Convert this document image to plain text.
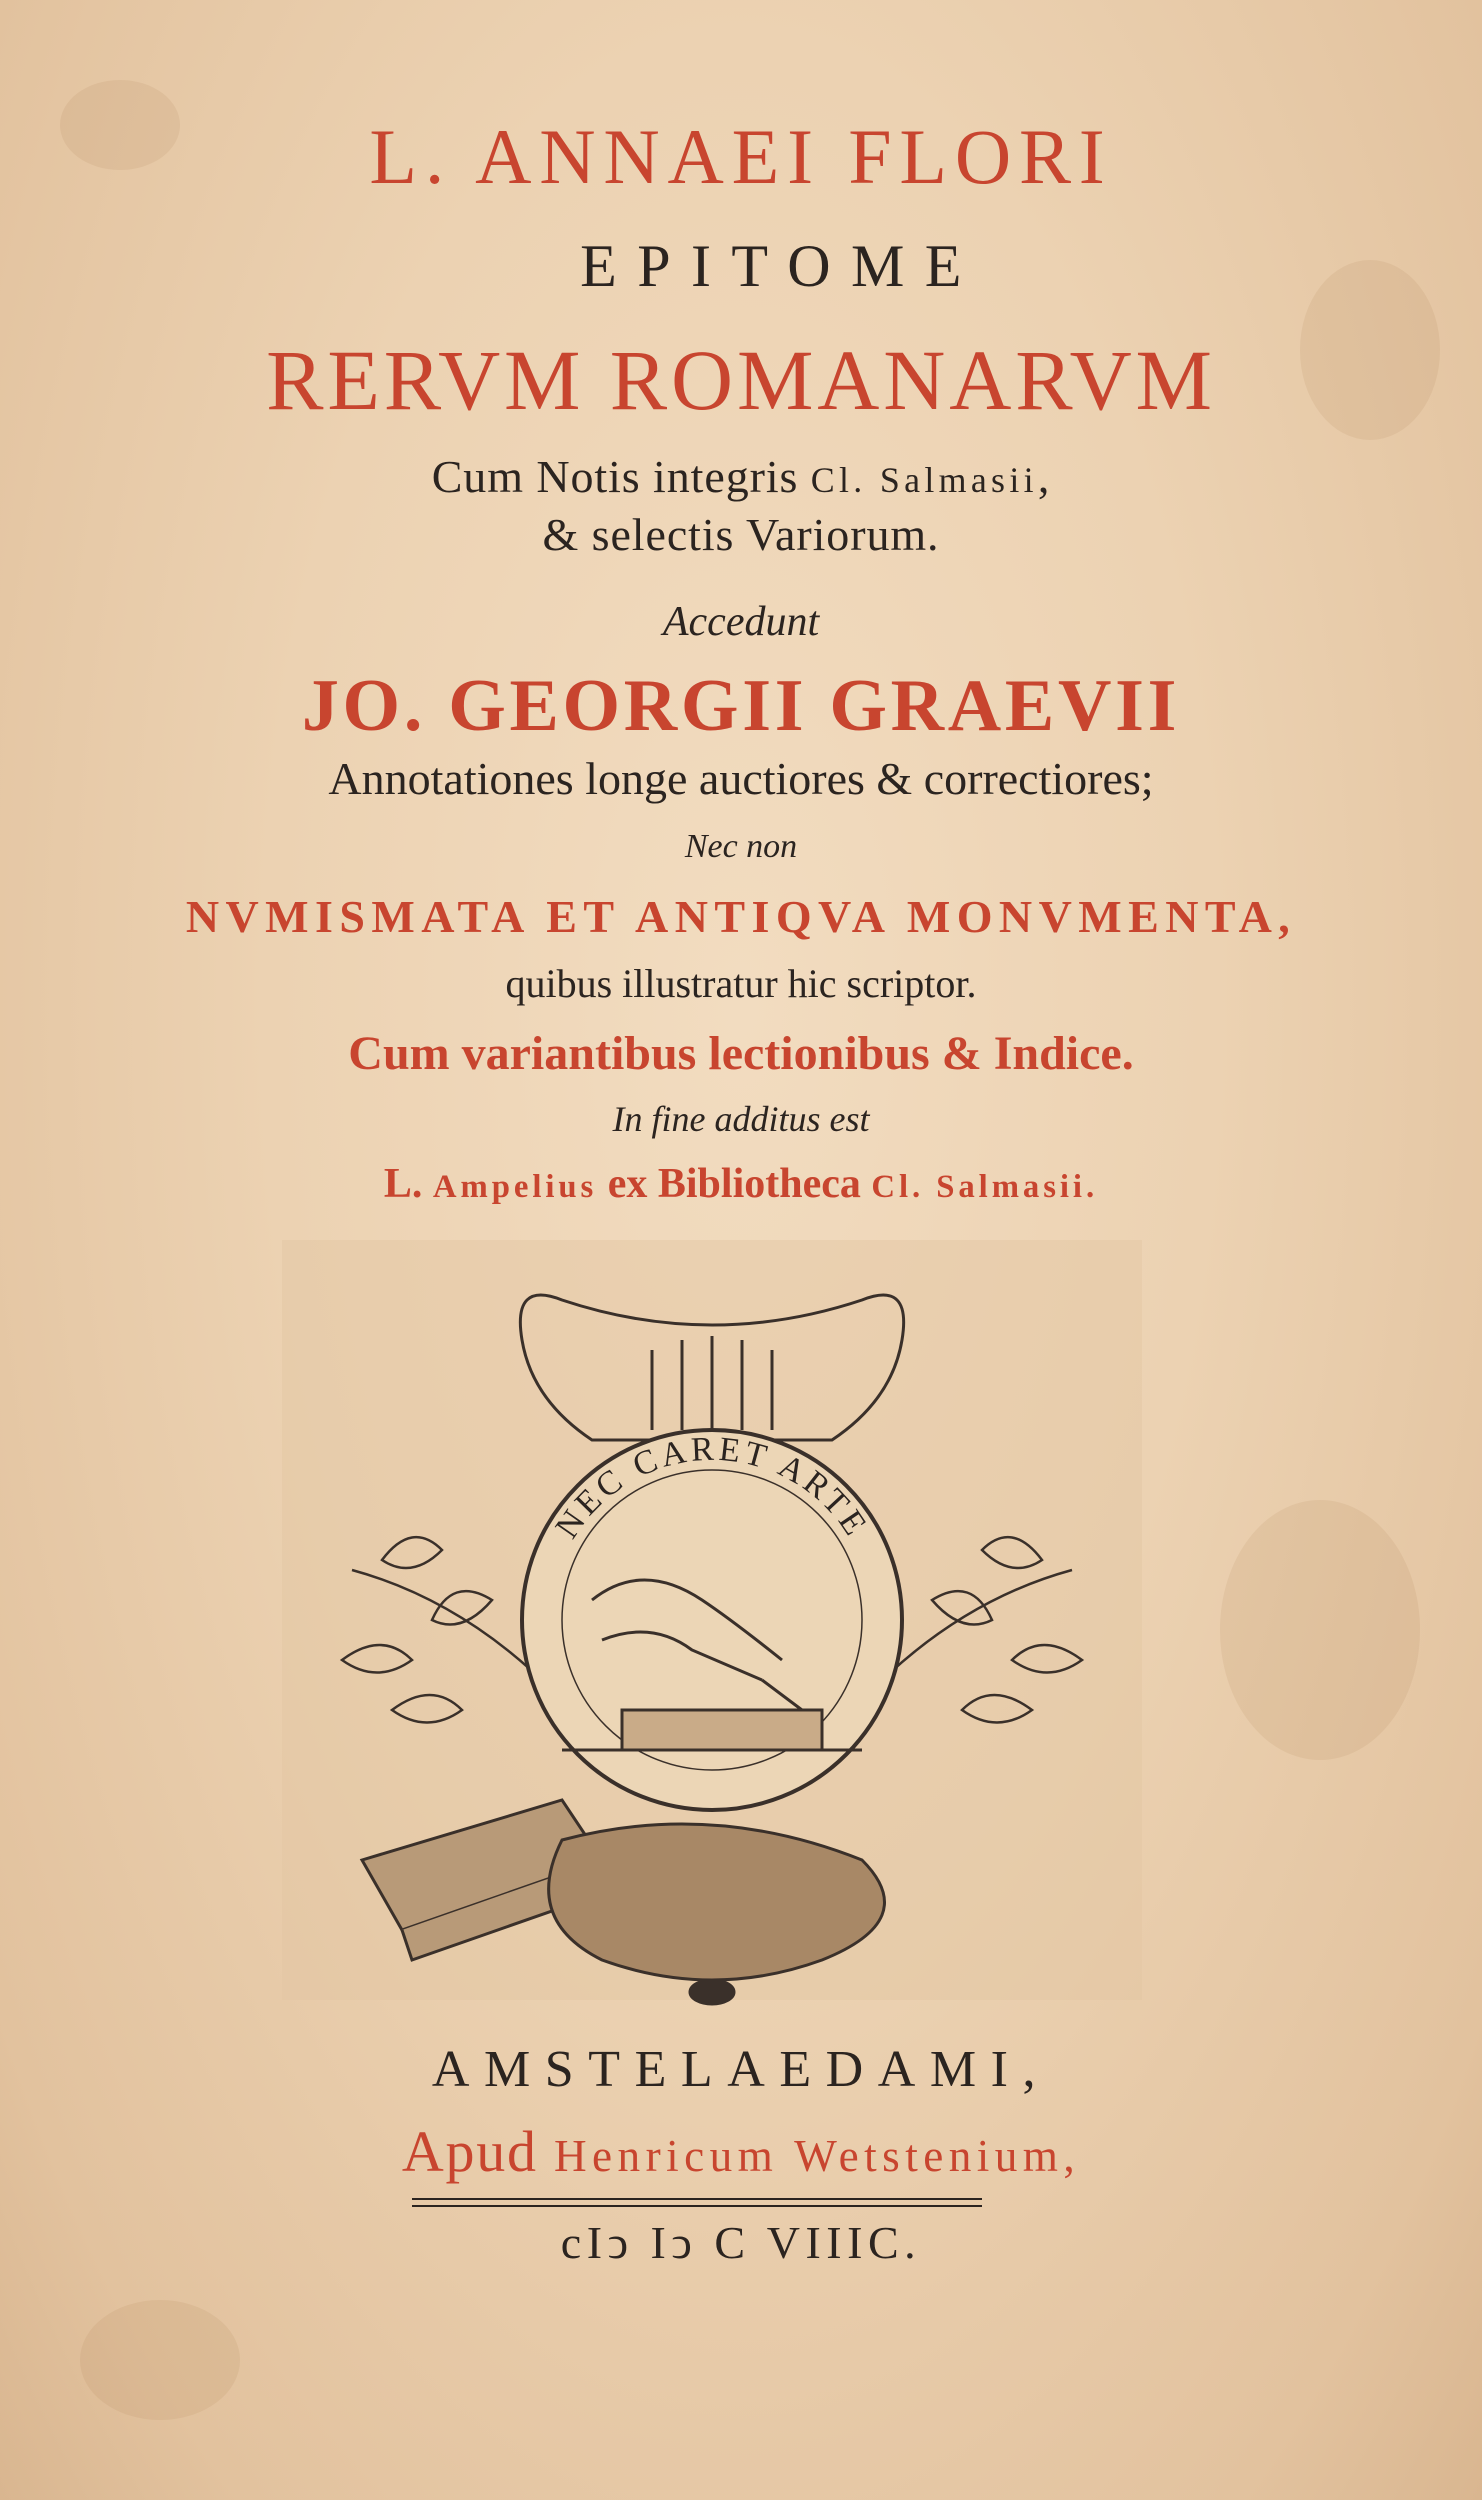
L. ANNAEI FLORI
EPITOME
RERVM ROMANARVM
Cum Notis integris Cl. Salmasii,
& selectis Variorum.
Accedunt
JO. GEORGII GRAEVII
Annotationes longe auctiores & correctiores;
Nec non
NVMISMATA ET ANTIQVA MONVMENTA,
quibus illustratur hic scriptor.
Cum variantibus lectionibus & Indice.
In fine additus est
L. Ampelius ex Bibliotheca Cl. Salmasii.
NEC CARET ARTE
AMSTELAEDAMI,
Apud Henricum Wetstenium,
cIↄ Iↄ C VIIIC.
